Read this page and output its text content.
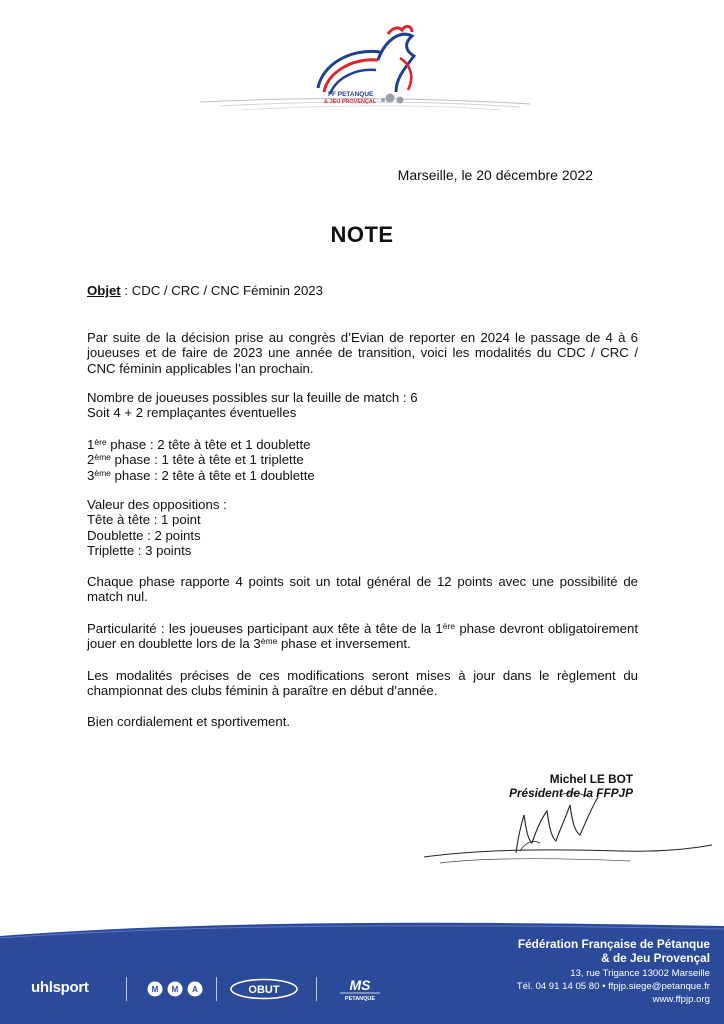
FF PETANQUE
& JEU PROVENÇAL
Marseille, le 20 décembre 2022
NOTE
Objet : CDC / CRC / CNC Féminin 2023
Par suite de la décision prise au congrès d’Evian de reporter en 2024 le passage de 4 à 6 joueuses et de faire de 2023 une année de transition, voici les modalités du CDC / CRC / CNC féminin applicables l’an prochain.
Nombre de joueuses possibles sur la feuille de match : 6
Soit 4 + 2 remplaçantes éventuelles
1ère phase : 2 tête à tête et 1 doublette
2ème phase : 1 tête à tête et 1 triplette
3ème phase : 2 tête à tête et 1 doublette
Valeur des oppositions :
Tête à tête : 1 point
Doublette : 2 points
Triplette : 3 points
Chaque phase rapporte 4 points soit un total général de 12 points avec une possibilité de match nul.
Particularité : les joueuses participant aux tête à tête de la 1ère phase devront obligatoirement jouer en doublette lors de la 3ème phase et inversement.
Les modalités précises de ces modifications seront mises à jour dans le règlement du championnat des clubs féminin à paraître en début d’année.
Bien cordialement et sportivement.
Michel LE BOT
Président de la FFPJP
uhlsport	M M A	OBUT	MS
PETANQUE
Fédération Française de Pétanque
& de Jeu Provençal
13, rue Trigance 13002 Marseille
Tél. 04 91 14 05 80 • ffpjp.siege@petanque.fr
www.ffpjp.org
